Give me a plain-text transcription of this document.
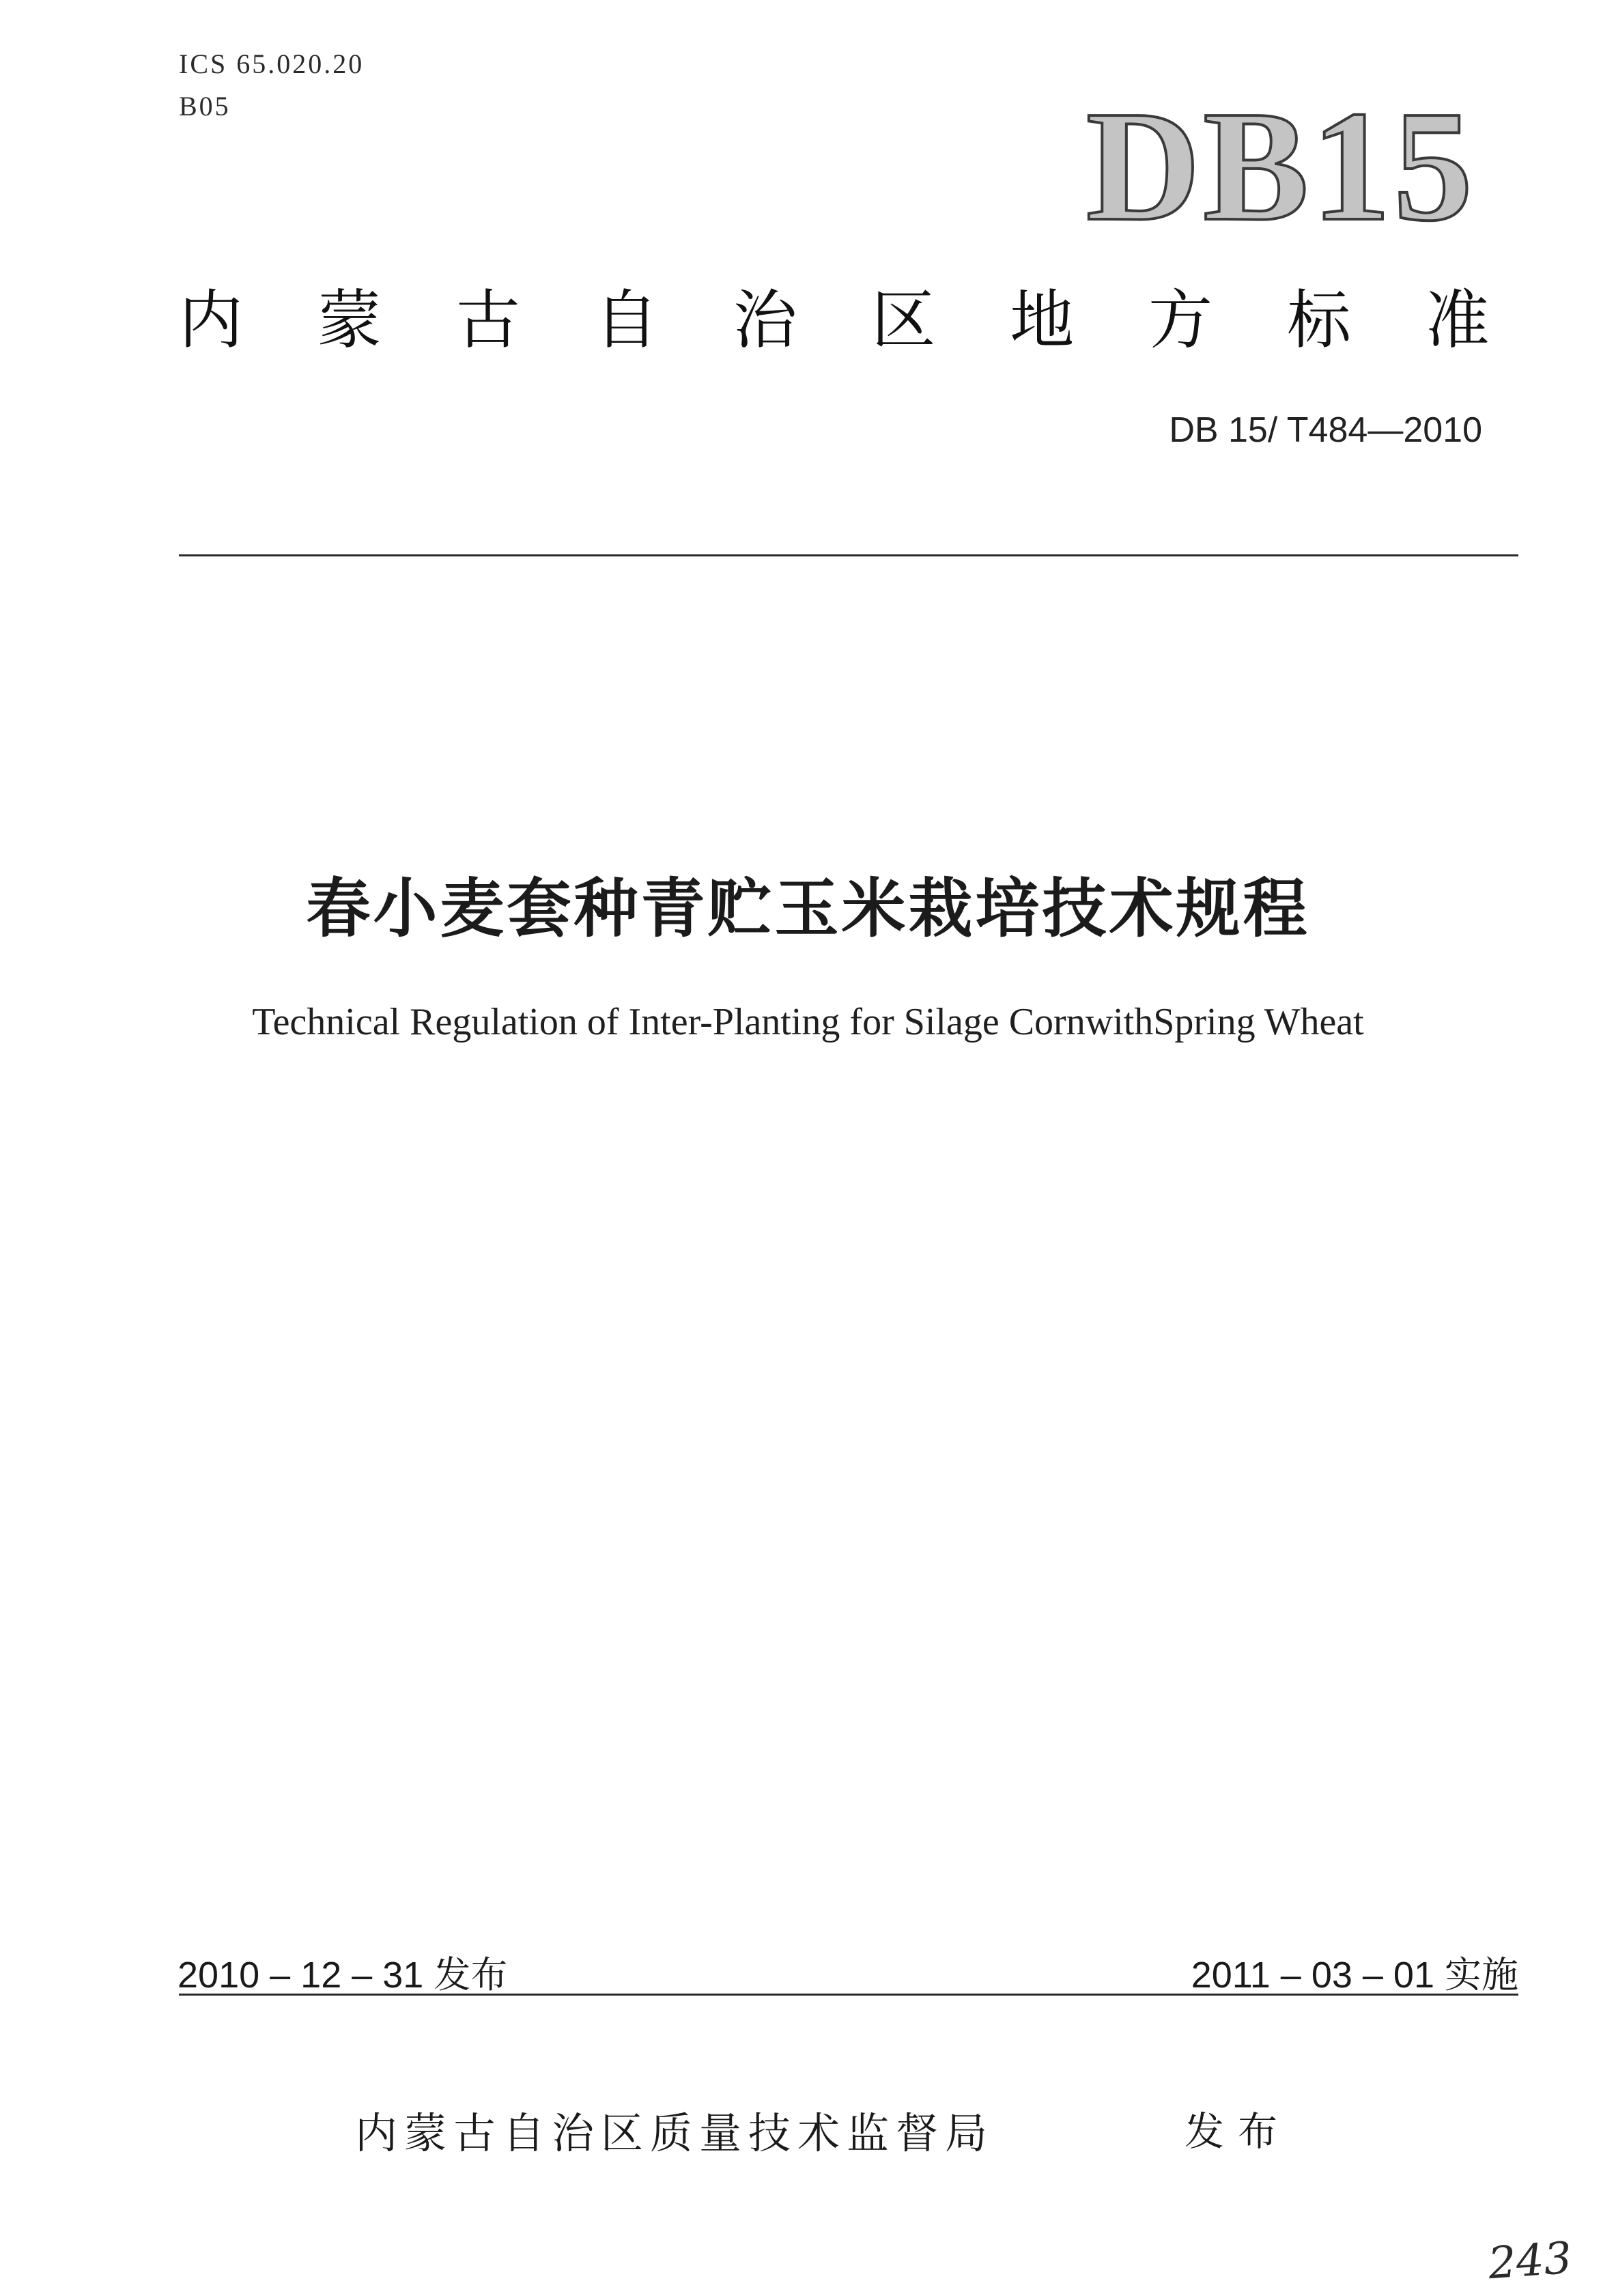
ICS 65.020.20
B05	DB15
内 蒙 古 自 治 区 地 方 标 准
DB 15/ T484—2010
春小麦套种青贮玉米栽培技术规程
Technical Regulation of Inter-Planting for Silage CornwithSpring Wheat
2010 – 12 – 31 发布	2011 – 03 – 01 实施
内蒙古自治区质量技术监督局	发布
243
